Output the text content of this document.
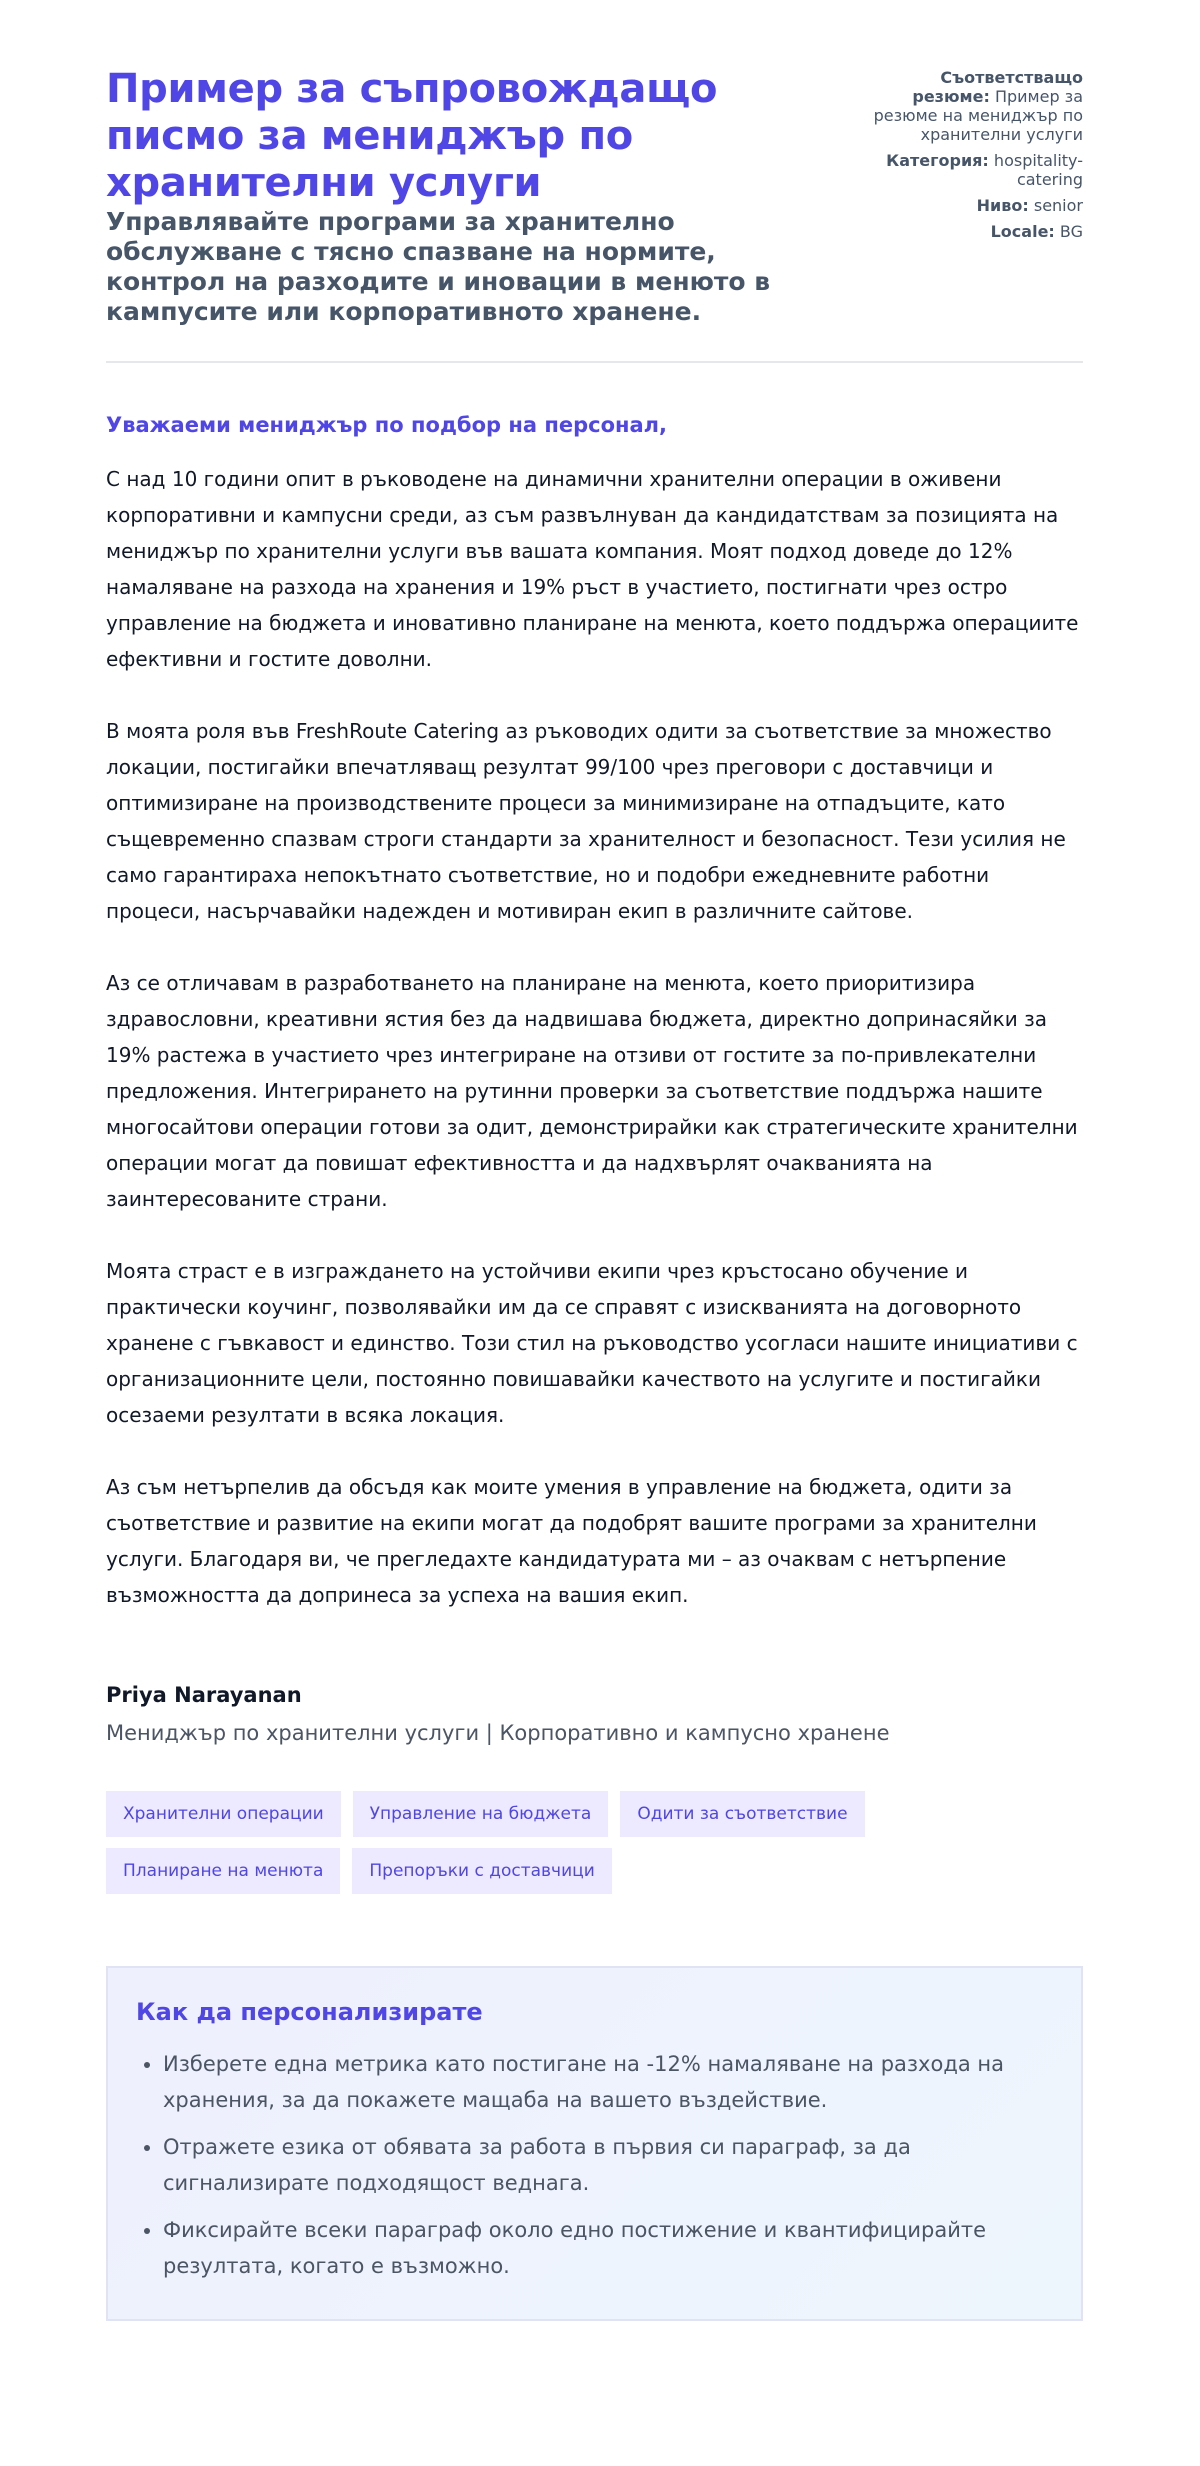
Пример за съпровождащо писмо за мениджър по хранителни услуги

Управлявайте програми за хранително обслужване с тясно спазване на нормите, контрол на разходите и иновации в менюто в кампусите или корпоративното хранене.

Съответстващо резюме: Пример за резюме на мениджър по хранителни услуги
Категория: hospitality-catering
Ниво: senior
Locale: BG
Уважаеми мениджър по подбор на персонал,

С над 10 години опит в ръководене на динамични хранителни операции в оживени корпоративни и кампусни среди, аз съм развълнуван да кандидатствам за позицията на мениджър по хранителни услуги във вашата компания. Моят подход доведе до 12% намаляване на разхода на хранения и 19% ръст в участието, постигнати чрез остро управление на бюджета и иновативно планиране на менюта, което поддържа операциите ефективни и гостите доволни.

В моята роля във FreshRoute Catering аз ръководих одити за съответствие за множество локации, постигайки впечатляващ резултат 99/100 чрез преговори с доставчици и оптимизиране на производствените процеси за минимизиране на отпадъците, като същевременно спазвам строги стандарти за хранителност и безопасност. Тези усилия не само гарантираха непокътнато съответствие, но и подобри ежедневните работни процеси, насърчавайки надежден и мотивиран екип в различните сайтове.

Аз се отличавам в разработването на планиране на менюта, което приоритизира здравословни, креативни ястия без да надвишава бюджета, директно допринасяйки за 19% растежа в участието чрез интегриране на отзиви от гостите за по-привлекателни предложения. Интегрирането на рутинни проверки за съответствие поддържа нашите многосайтови операции готови за одит, демонстрирайки как стратегическите хранителни операции могат да повишат ефективността и да надхвърлят очакванията на заинтересованите страни.

Моята страст е в изграждането на устойчиви екипи чрез кръстосано обучение и практически коучинг, позволявайки им да се справят с изискванията на договорното хранене с гъвкавост и единство. Този стил на ръководство усогласи нашите инициативи с организационните цели, постоянно повишавайки качеството на услугите и постигайки осезаеми резултати в всяка локация.

Аз съм нетърпелив да обсъдя как моите умения в управление на бюджета, одити за съответствие и развитие на екипи могат да подобрят вашите програми за хранителни услуги. Благодаря ви, че прегледахте кандидатурата ми – аз очаквам с нетърпение възможността да допринеса за успеха на вашия екип.

Priya Narayanan
Мениджър по хранителни услуги | Корпоративно и кампусно хранене
Хранителни операции	Управление на бюджета	Одити за съответствие
Планиране на менюта	Препоръки с доставчици
Как да персонализирате
• Изберете една метрика като постигане на -12% намаляване на разхода на хранения, за да покажете мащаба на вашето въздействие.
• Отражете езика от обявата за работа в първия си параграф, за да сигнализирате подходящост веднага.
• Фиксирайте всеки параграф около едно постижение и квантифицирайте резултата, когато е възможно.
